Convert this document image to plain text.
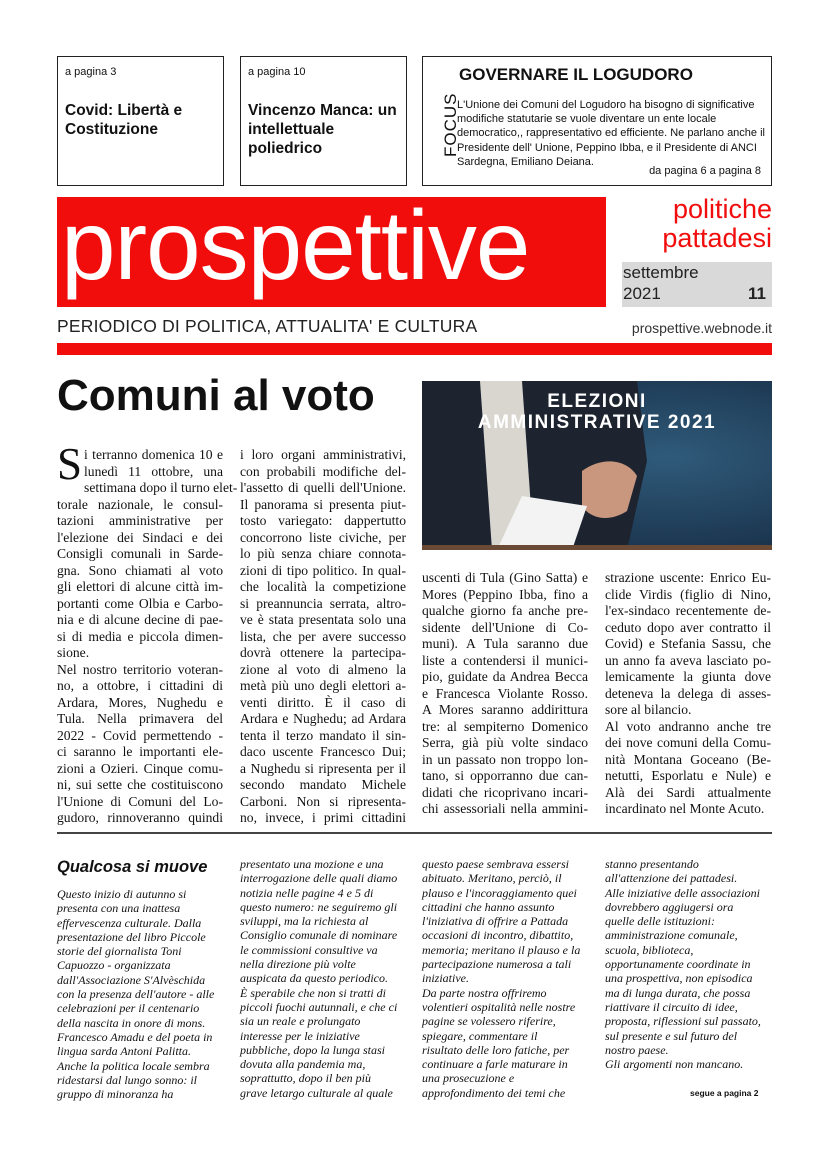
a pagina 3
Covid: Libertà e Costituzione
a pagina 10
Vincenzo Manca: un intellettuale poliedrico
GOVERNARE IL LOGUDORO
FOCUS
L'Unione dei Comuni del Logudoro ha bisogno di significative modifiche statutarie se vuole diventare un ente locale democratico,, rappresentativo ed efficiente. Ne parlano anche il Presidente dell' Unione, Peppino Ibba, e il Presidente di ANCI Sardegna, Emiliano Deiana.
da pagina 6 a pagina 8
prospettive	politiche
pattadesi
settembre
2021	11
PERIODICO DI POLITICA, ATTUALITA' E CULTURA	prospettive.webnode.it
Comuni al voto	ELEZIONI
AMMINISTRATIVE 2021
S i terranno domenica 10 e
lunedì 11 ottobre, una
settimana dopo il turno elet-
torale nazionale, le consul-
tazioni amministrative per
l'elezione dei Sindaci e dei
Consigli comunali in Sarde-
gna. Sono chiamati al voto
gli elettori di alcune città im-
portanti come Olbia e Carbo-
nia e di alcune decine di pae-
si di media e piccola dimen-
sione.
Nel nostro territorio voteran-
no, a ottobre, i cittadini di
Ardara, Mores, Nughedu e
Tula. Nella primavera del
2022 - Covid permettendo -
ci saranno le importanti ele-
zioni a Ozieri. Cinque comu-
ni, sui sette che costituiscono
l'Unione di Comuni del Lo-
gudoro, rinnoveranno quindi
i loro organi amministrativi,
con probabili modifiche del-
l'assetto di quelli dell'Unione.
Il panorama si presenta piut-
tosto variegato: dappertutto
concorrono liste civiche, per
lo più senza chiare connota-
zioni di tipo politico. In qual-
che località la competizione
si preannuncia serrata, altro-
ve è stata presentata solo una
lista, che per avere successo
dovrà ottenere la partecipa-
zione al voto di almeno la
metà più uno degli elettori a-
venti diritto. È il caso di
Ardara e Nughedu; ad Ardara
tenta il terzo mandato il sin-
daco uscente Francesco Dui;
a Nughedu si ripresenta per il
secondo mandato Michele
Carboni. Non si ripresenta-
no, invece, i primi cittadini
uscenti di Tula (Gino Satta) e
Mores (Peppino Ibba, fino a
qualche giorno fa anche pre-
sidente dell'Unione di Co-
muni). A Tula saranno due
liste a contendersi il munici-
pio, guidate da Andrea Becca
e Francesca Violante Rosso.
A Mores saranno addirittura
tre: al sempiterno Domenico
Serra, già più volte sindaco
in un passato non troppo lon-
tano, si opporranno due can-
didati che ricoprivano incari-
chi assessoriali nella ammini-
strazione uscente: Enrico Eu-
clide Virdis (figlio di Nino,
l'ex-sindaco recentemente de-
ceduto dopo aver contratto il
Covid) e Stefania Sassu, che
un anno fa aveva lasciato po-
lemicamente la giunta dove
deteneva la delega di asses-
sore al bilancio.
Al voto andranno anche tre
dei nove comuni della Comu-
nità Montana Goceano (Be-
netutti, Esporlatu e Nule) e
Alà dei Sardi attualmente
incardinato nel Monte Acuto.
Qualcosa si muove
Questo inizio di autunno si
presenta con una inattesa
effervescenza culturale. Dalla
presentazione del libro Piccole
storie del giornalista Toni
Capuozzo - organizzata
dall'Associazione S'Alvèschida
con la presenza dell'autore - alle
celebrazioni per il centenario
della nascita in onore di mons.
Francesco Amadu e del poeta in
lingua sarda Antoni Palitta.
Anche la politica locale sembra
ridestarsi dal lungo sonno: il
gruppo di minoranza ha
presentato una mozione e una
interrogazione delle quali diamo
notizia nelle pagine 4 e 5 di
questo numero: ne seguiremo gli
sviluppi, ma la richiesta al
Consiglio comunale di nominare
le commissioni consultive va
nella direzione più volte
auspicata da questo periodico.
È sperabile che non si tratti di
piccoli fuochi autunnali, e che ci
sia un reale e prolungato
interesse per le iniziative
pubbliche, dopo la lunga stasi
dovuta alla pandemia ma,
soprattutto, dopo il ben più
grave letargo culturale al quale
questo paese sembrava essersi
abituato. Meritano, perciò, il
plauso e l'incoraggiamento quei
cittadini che hanno assunto
l'iniziativa di offrire a Pattada
occasioni di incontro, dibattito,
memoria; meritano il plauso e la
partecipazione numerosa a tali
iniziative.
Da parte nostra offriremo
volentieri ospitalità nelle nostre
pagine se volessero riferire,
spiegare, commentare il
risultato delle loro fatiche, per
continuare a farle maturare in
una prosecuzione e
approfondimento dei temi che
stanno presentando
all'attenzione dei pattadesi.
Alle iniziative delle associazioni
dovrebbero aggiugersi ora
quelle delle istituzioni:
amministrazione comunale,
scuola, biblioteca,
opportunamente coordinate in
una prospettiva, non episodica
ma di lunga durata, che possa
riattivare il circuito di idee,
proposta, riflessioni sul passato,
sul presente e sul futuro del
nostro paese.
Gli argomenti non mancano.
segue a pagina 2
